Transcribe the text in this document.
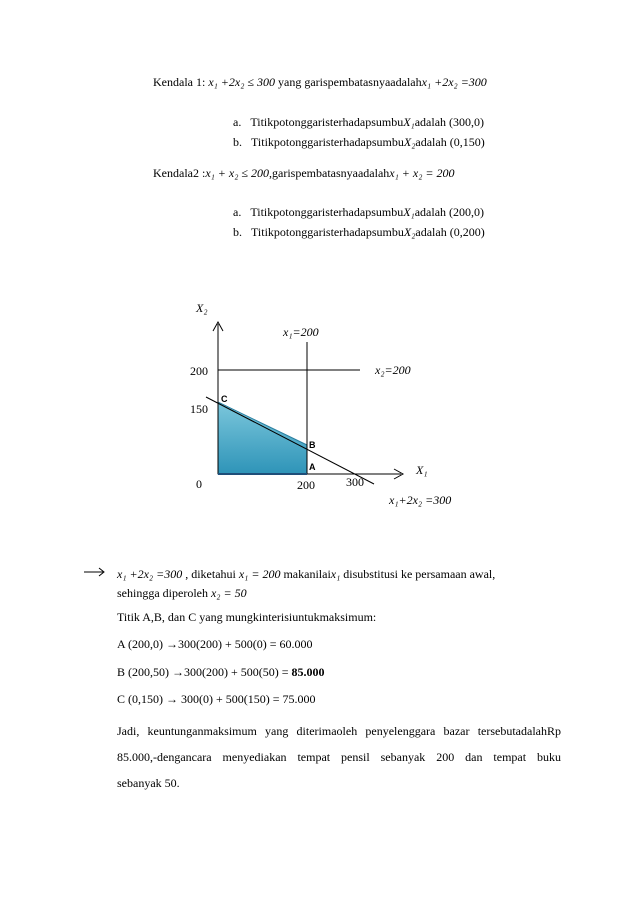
Kendala 1: x₁ +2x₂ ≤ 300 yang garispembatasnyaadalahx₁ +2x₂ =300
a. TitikpotonggaristerhadapsumbuX₁adalah (300,0)
b. TitikpotonggaristerhadapsumbuX₂adalah (0,150)
Kendala2 :x₁ + x₂ ≤ 200,garispembatasnyaadalahx₁ + x₂ = 200
a. TitikpotonggaristerhadapsumbuX₁adalah (200,0)
b. TitikpotonggaristerhadapsumbuX₂adalah (0,200)
X₂
X₁
x₁=200
x₂=200
x₁+2x₂ =300
200
150
0	200	300
A
B
C
x₁ +2x₂ =300 , diketahui x₁ = 200 makanilaix₁ disubstitusi ke persamaan awal,
sehingga diperoleh x₂ = 50
Titik A,B, dan C yang mungkinterisiuntukmaksimum:
A (200,0) →300(200) + 500(0) = 60.000
B (200,50) →300(200) + 500(50) = 85.000
C (0,150) → 300(0) + 500(150) = 75.000
Jadi, keuntunganmaksimum yang diterimaoleh penyelenggara bazar tersebutadalahRp
85.000,-dengancara menyediakan tempat pensil sebanyak 200 dan tempat buku
sebanyak 50.
